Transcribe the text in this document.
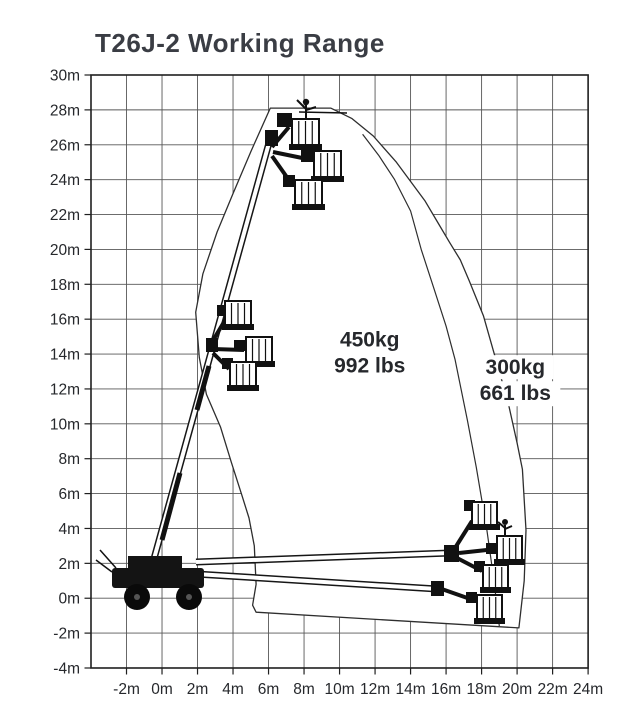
T26J-2 Working Range
30m
28m
26m
24m
22m
20m
18m
16m
14m
12m
10m
8m
6m
4m
2m
0m
-2m
-4m
-2m 0m 2m 4m 6m 8m 10m 12m 14m 16m 18m 20m 22m 24m
450kg
992 lbs	300kg
661 lbs
